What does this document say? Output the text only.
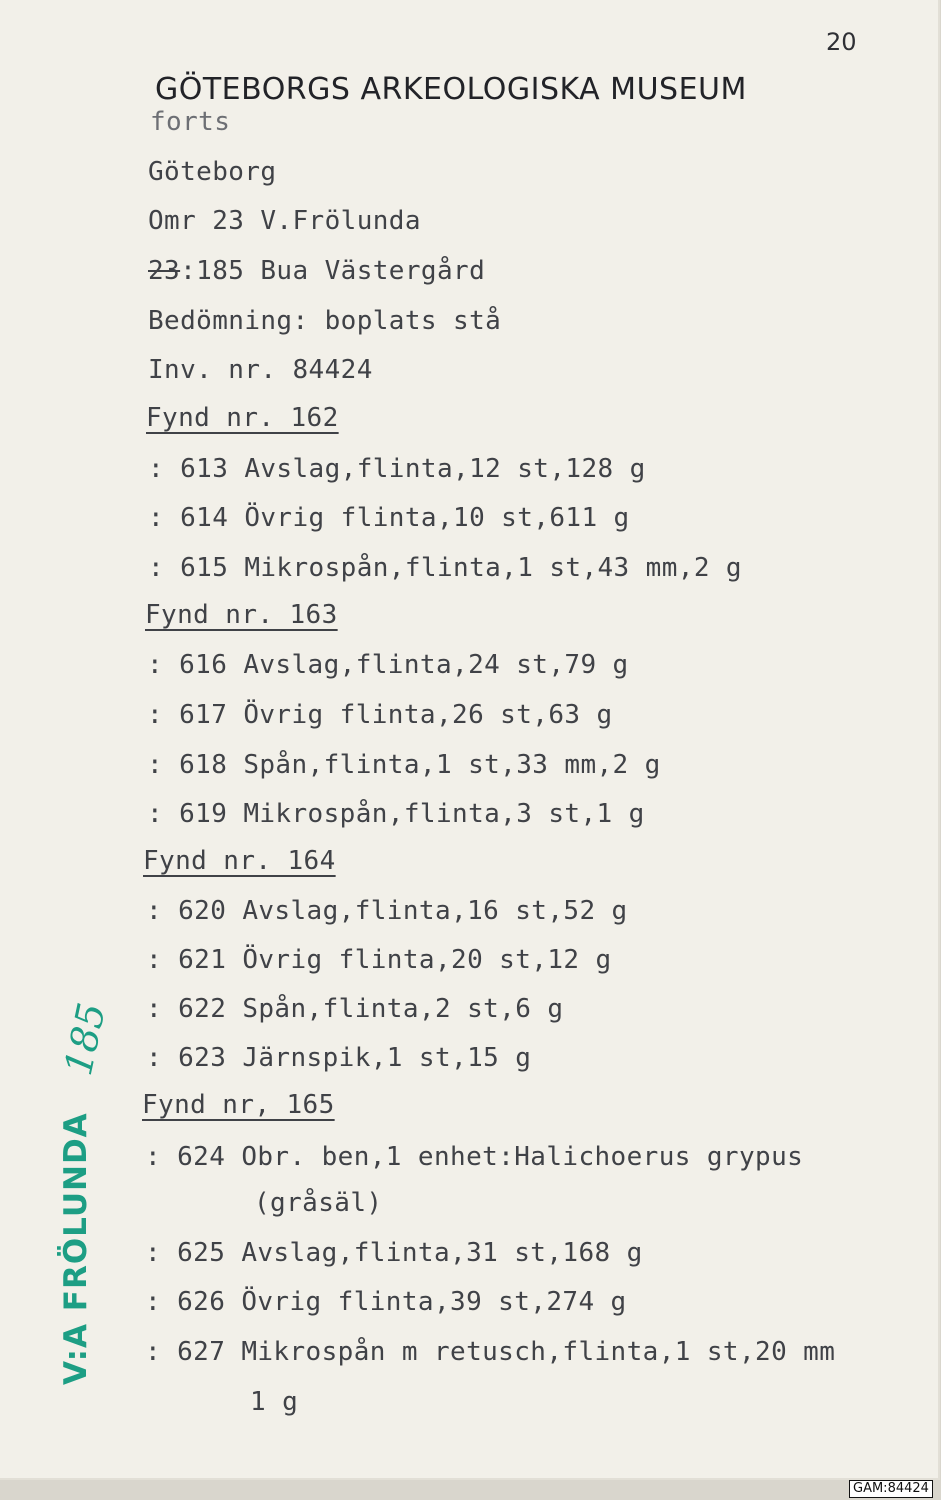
20
GÖTEBORGS ARKEOLOGISKA MUSEUM
forts
Göteborg
Omr 23 V.Frölunda
23:185 Bua Västergård
Bedömning: boplats stå
Inv. nr. 84424
Fynd nr. 162
: 613 Avslag,flinta,12 st,128 g
: 614 Övrig flinta,10 st,611 g
: 615 Mikrospån,flinta,1 st,43 mm,2 g
Fynd nr. 163
: 616 Avslag,flinta,24 st,79 g
: 617 Övrig flinta,26 st,63 g
: 618 Spån,flinta,1 st,33 mm,2 g
: 619 Mikrospån,flinta,3 st,1 g
Fynd nr. 164
: 620 Avslag,flinta,16 st,52 g
: 621 Övrig flinta,20 st,12 g
: 622 Spån,flinta,2 st,6 g
: 623 Järnspik,1 st,15 g
Fynd nr, 165
: 624 Obr. ben,1 enhet:Halichoerus grypus
(gråsäl)
: 625 Avslag,flinta,31 st,168 g
: 626 Övrig flinta,39 st,274 g
: 627 Mikrospån m retusch,flinta,1 st,20 mm
1 g
V:A FRÖLUNDA
185
GAM:84424
